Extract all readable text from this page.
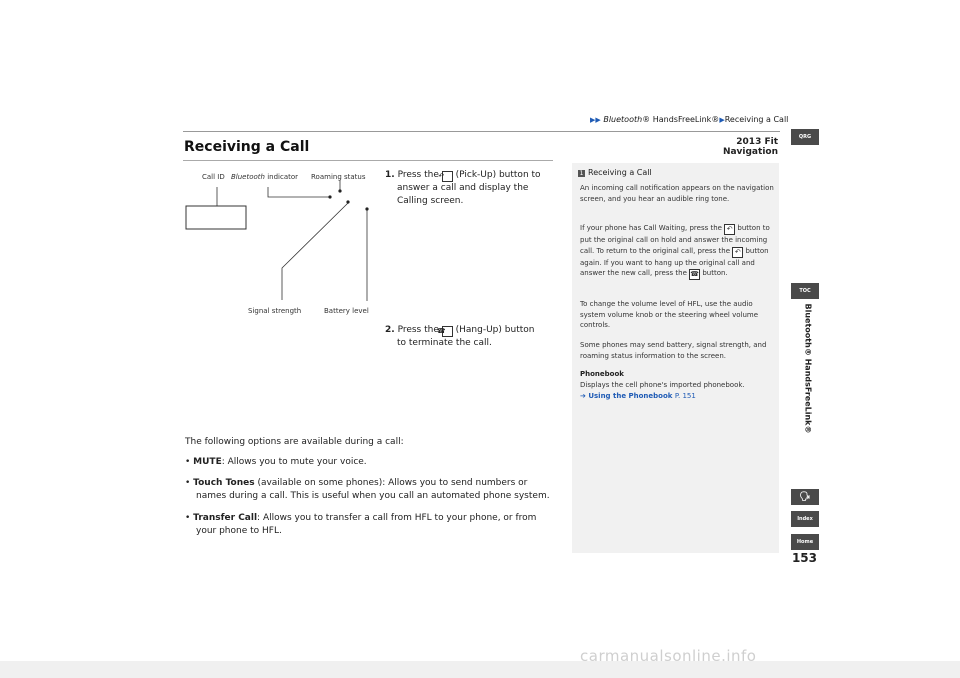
▶▶ Bluetooth® HandsFreeLink®▶Receiving a Call
2013 Fit Navigation
Receiving a Call
Call ID Bluetooth indicator Roaming status
Signal strength	Battery level
1. Press the ↶ (Pick-Up) button to answer a call and display the Calling screen.
2. Press the ☎ (Hang-Up) button to terminate the call.
The following options are available during a call:
• MUTE: Allows you to mute your voice.
• Touch Tones (available on some phones): Allows you to send numbers or names during a call. This is useful when you call an automated phone system.
• Transfer Call: Allows you to transfer a call from HFL to your phone, or from your phone to HFL.
1 Receiving a Call
An incoming call notification appears on the navigation screen, and you hear an audible ring tone.
If your phone has Call Waiting, press the ↶ button to put the original call on hold and answer the incoming call. To return to the original call, press the ↶ button again. If you want to hang up the original call and answer the new call, press the ☎ button.
To change the volume level of HFL, use the audio system volume knob or the steering wheel volume controls.
Some phones may send battery, signal strength, and roaming status information to the screen.
Phonebook
Displays the cell phone's imported phonebook.
➔ Using the Phonebook P. 151
QRG
TOC
Bluetooth® HandsFreeLink®
🗣
Index
Home
153
carmanualsonline.info
